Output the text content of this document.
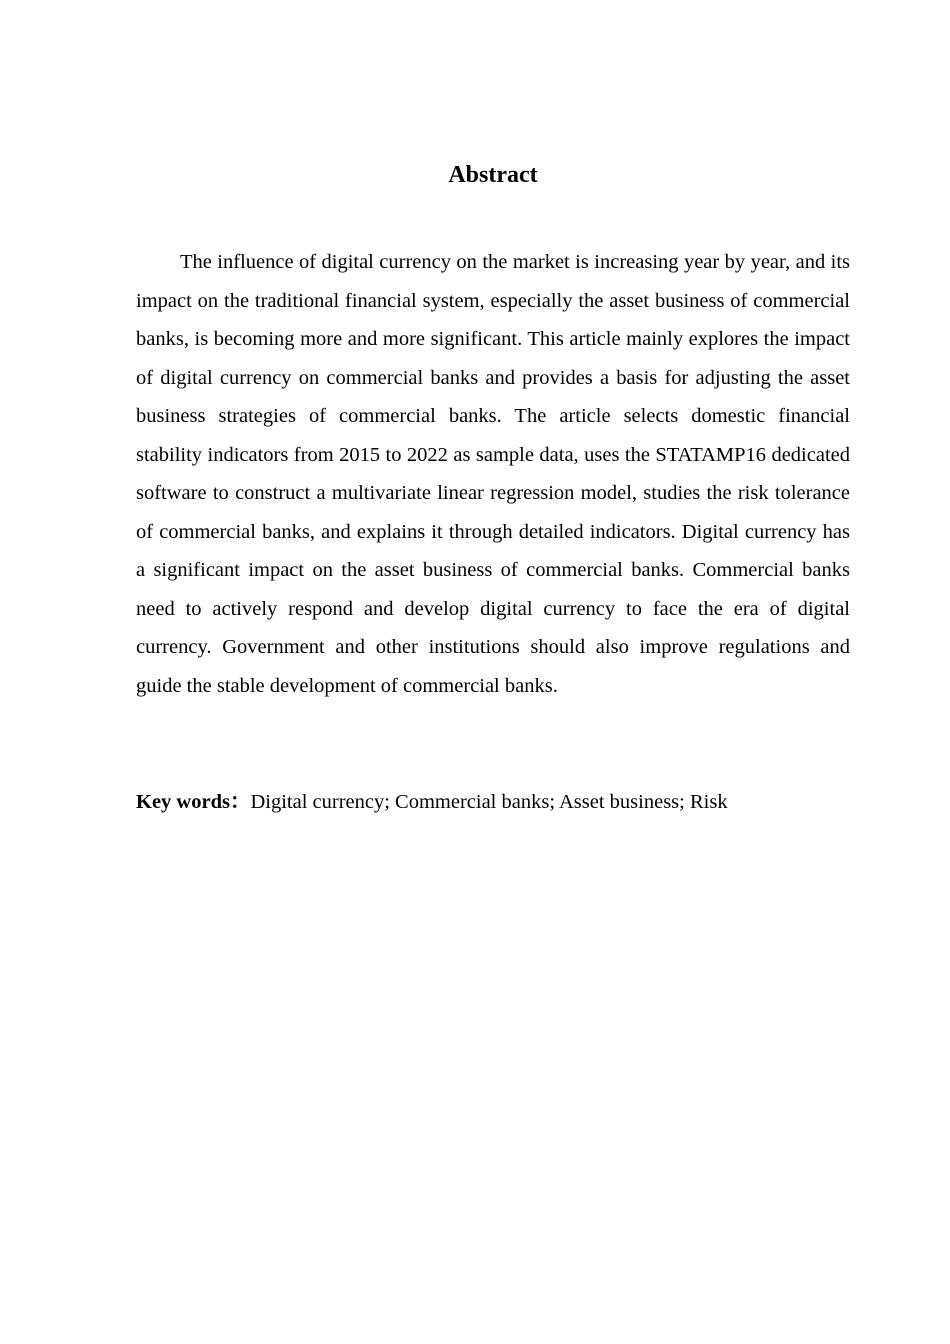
Abstract

The influence of digital currency on the market is increasing year by year, and its impact on the traditional financial system, especially the asset business of commercial banks, is becoming more and more significant. This article mainly explores the impact of digital currency on commercial banks and provides a basis for adjusting the asset business strategies of commercial banks. The article selects domestic financial stability indicators from 2015 to 2022 as sample data, uses the STATAMP16 dedicated software to construct a multivariate linear regression model, studies the risk tolerance of commercial banks, and explains it through detailed indicators. Digital currency has a significant impact on the asset business of commercial banks. Commercial banks need to actively respond and develop digital currency to face the era of digital currency. Government and other institutions should also improve regulations and guide the stable development of commercial banks.

Key words：Digital currency; Commercial banks; Asset business; Risk
